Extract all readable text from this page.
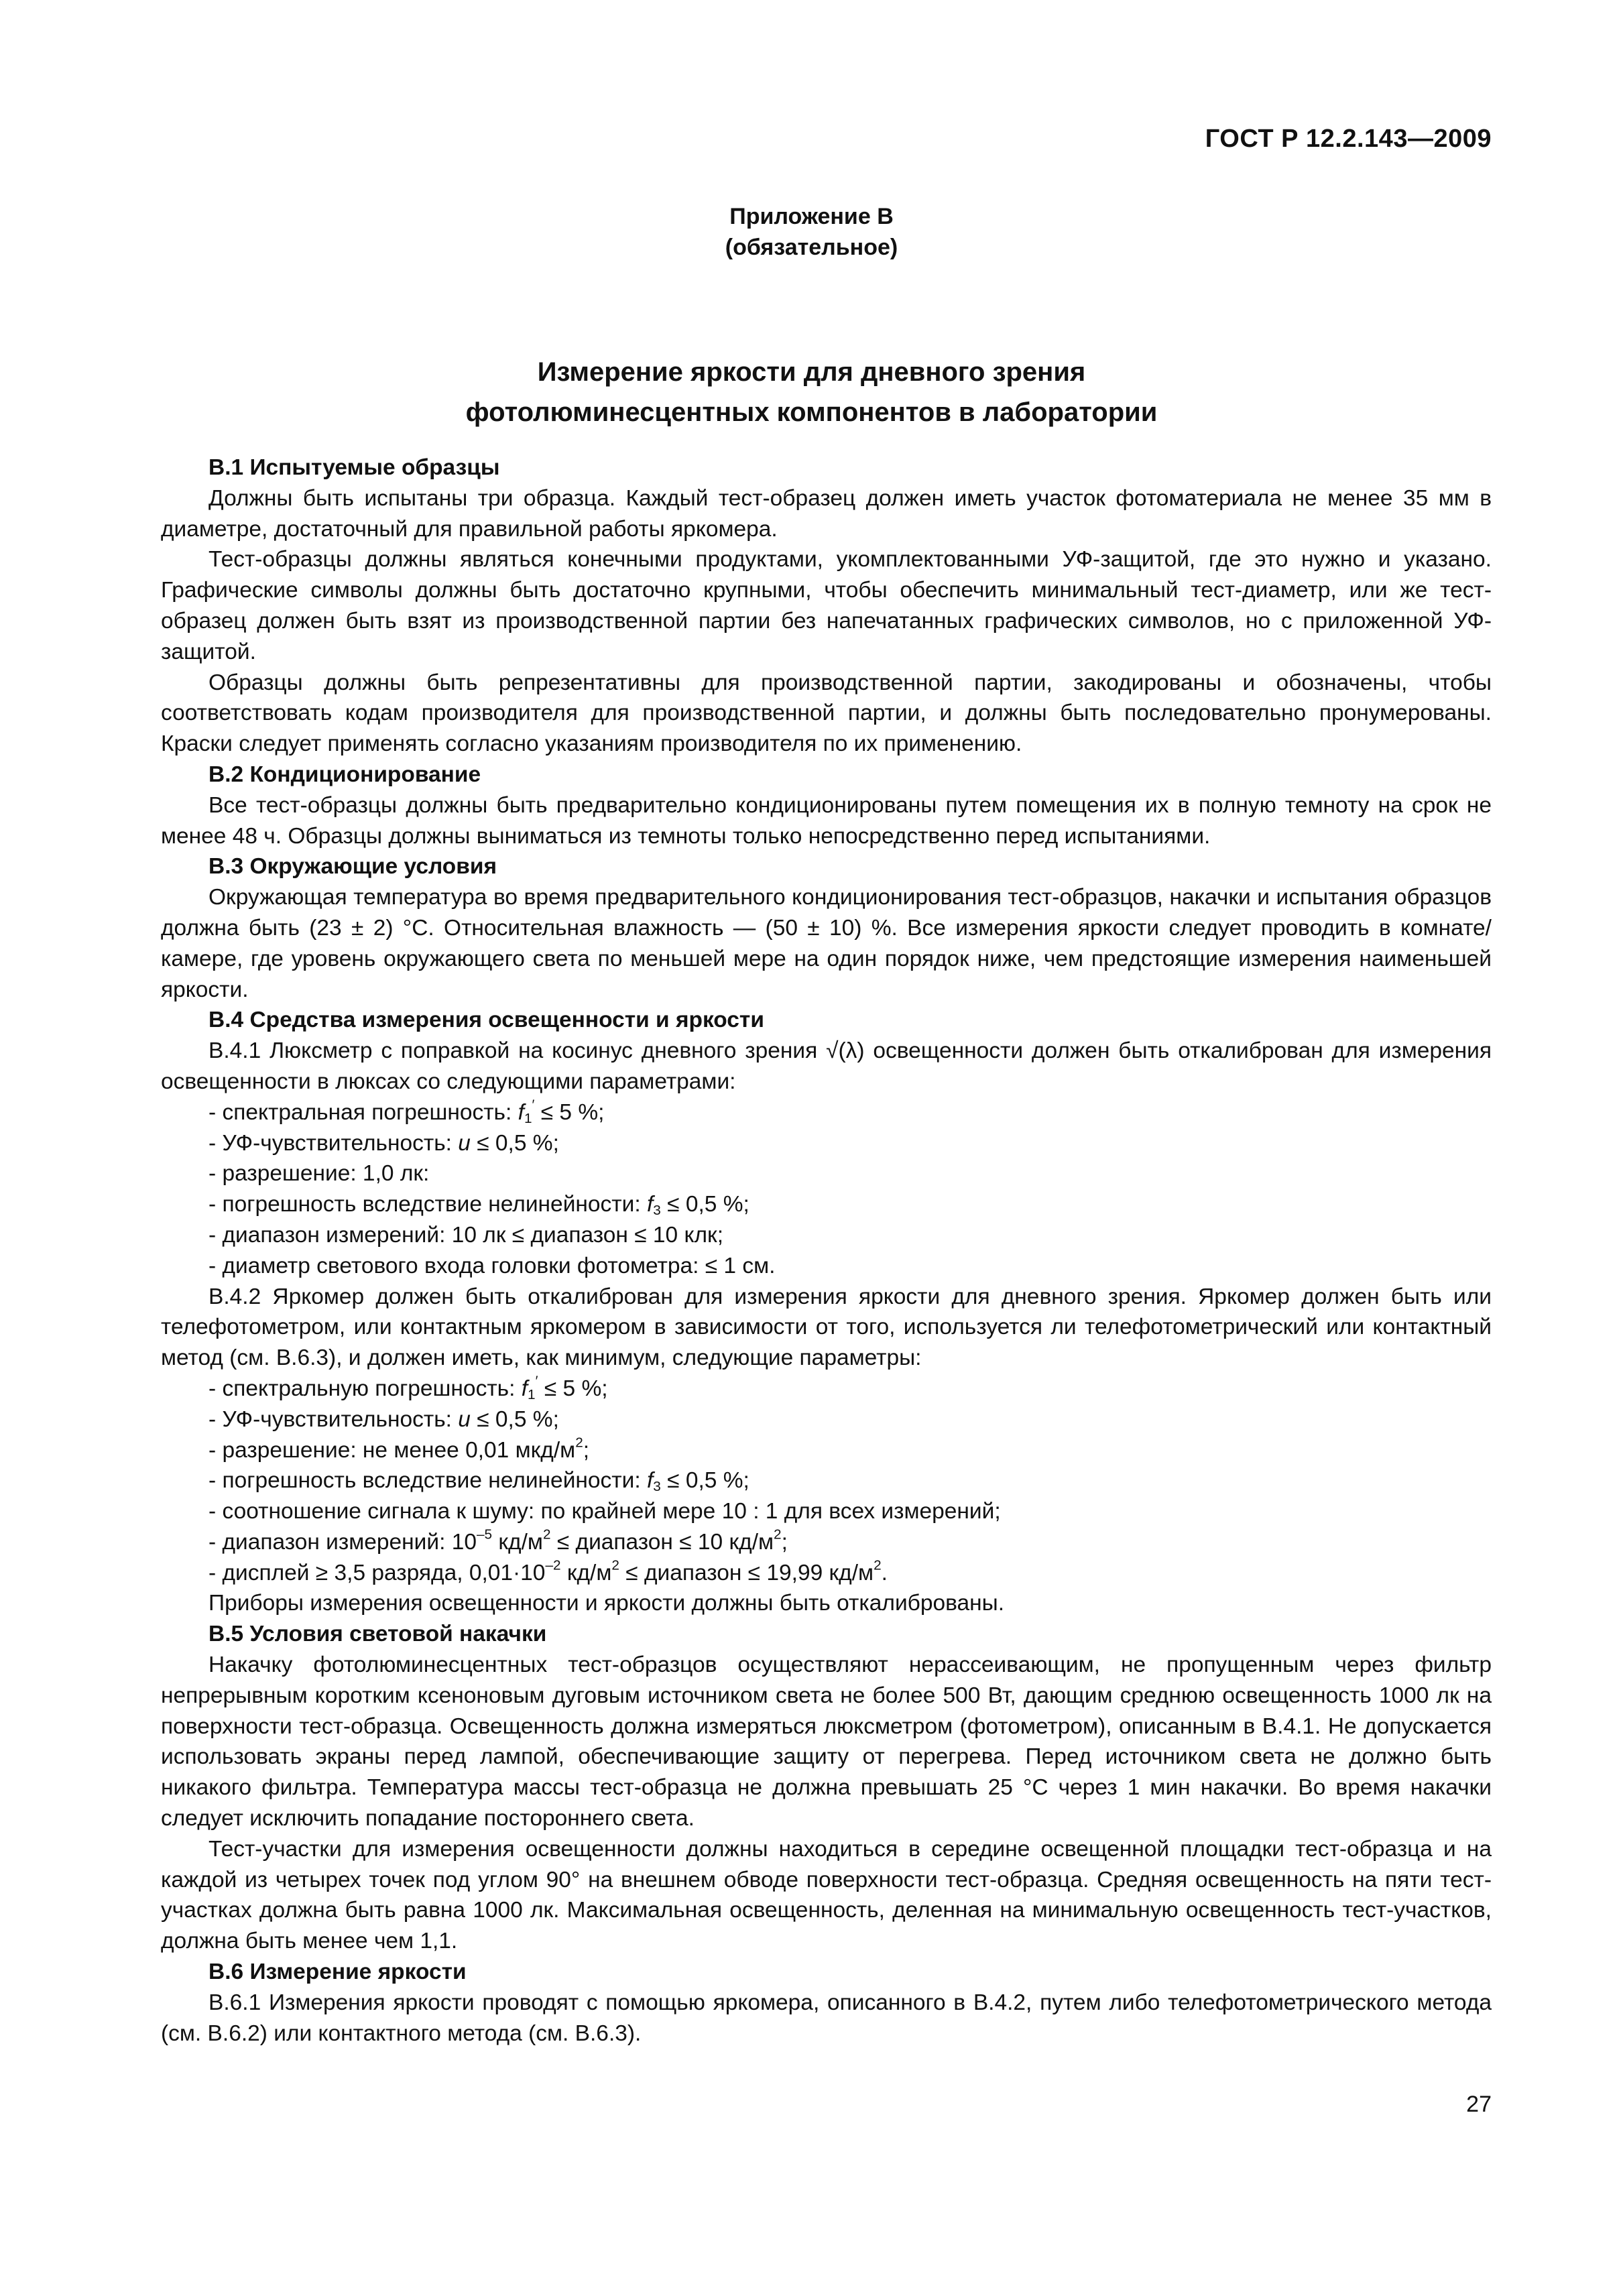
ГОСТ Р 12.2.143—2009
Приложение В
(обязательное)
Измерение яркости для дневного зрения
фотолюминесцентных компонентов в лаборатории

В.1 Испытуемые образцы

Должны быть испытаны три образца. Каждый тест-образец должен иметь участок фотоматериала не менее 35 мм в диаметре, достаточный для правильной работы яркомера.

Тест-образцы должны являться конечными продуктами, укомплектованными УФ-защитой, где это нужно и указано. Графические символы должны быть достаточно крупными, чтобы обеспечить минимальный тест-диаметр, или же тест-образец должен быть взят из производственной партии без напечатанных графических символов, но с приложенной УФ-защитой.

Образцы должны быть репрезентативны для производственной партии, закодированы и обозначены, чтобы соответствовать кодам производителя для производственной партии, и должны быть последовательно пронумерованы. Краски следует применять согласно указаниям производителя по их применению.

В.2 Кондиционирование

Все тест-образцы должны быть предварительно кондиционированы путем помещения их в полную темноту на срок не менее 48 ч. Образцы должны выниматься из темноты только непосредственно перед испытаниями.

В.3 Окружающие условия

Окружающая температура во время предварительного кондиционирования тест-образцов, накачки и испытания образцов должна быть (23 ± 2) °С. Относительная влажность — (50 ± 10) %. Все измерения яркости следует проводить в комнате/камере, где уровень окружающего света по меньшей мере на один порядок ниже, чем предстоящие измерения наименьшей яркости.

В.4 Средства измерения освещенности и яркости

В.4.1 Люксметр с поправкой на косинус дневного зрения √(λ) освещенности должен быть откалиброван для измерения освещенности в люксах со следующими параметрами:

- спектральная погрешность: $f_1' \le 5$ %;

- УФ-чувствительность: u ≤ 0,5 %;

- разрешение: 1,0 лк:

- погрешность вследствие нелинейности: $f_3 \le 0,5$ %;

- диапазон измерений: 10 лк ≤ диапазон ≤ 10 клк;

- диаметр светового входа головки фотометра: ≤ 1 см.

В.4.2 Яркомер должен быть откалиброван для измерения яркости для дневного зрения. Яркомер должен быть или телефотометром, или контактным яркомером в зависимости от того, используется ли телефотометрический или контактный метод (см. В.6.3), и должен иметь, как минимум, следующие параметры:

- спектральную погрешность: $f_1' \le 5$ %;

- УФ-чувствительность: u ≤ 0,5 %;

- разрешение: не менее 0,01 мкд/$м^2$;

- погрешность вследствие нелинейности: $f_3 \le 0,5$ %;

- соотношение сигнала к шуму: по крайней мере 10 : 1 для всех измерений;

- диапазон измерений: $10^{-5}$ $кд/м^2$ ≤ диапазон ≤ 10 $кд/м^2$;

- дисплей ≥ 3,5 разряда, $0,01\cdot 10^{-2}$ $кд/м^2$ ≤ диапазон ≤ 19,99 $кд/м^2$.

Приборы измерения освещенности и яркости должны быть откалиброваны.

В.5 Условия световой накачки

Накачку фотолюминесцентных тест-образцов осуществляют нерассеивающим, не пропущенным через фильтр непрерывным коротким ксеноновым дуговым источником света не более 500 Вт, дающим среднюю освещенность 1000 лк на поверхности тест-образца. Освещенность должна измеряться люксметром (фотометром), описанным в В.4.1. Не допускается использовать экраны перед лампой, обеспечивающие защиту от перегрева. Перед источником света не должно быть никакого фильтра. Температура массы тест-образца не должна превышать 25 °С через 1 мин накачки. Во время накачки следует исключить попадание постороннего света.

Тест-участки для измерения освещенности должны находиться в середине освещенной площадки тест-образца и на каждой из четырех точек под углом 90° на внешнем обводе поверхности тест-образца. Средняя освещенность на пяти тест-участках должна быть равна 1000 лк. Максимальная освещенность, деленная на минимальную освещенность тест-участков, должна быть менее чем 1,1.

В.6 Измерение яркости

В.6.1 Измерения яркости проводят с помощью яркомера, описанного в В.4.2, путем либо телефотометрического метода (см. В.6.2) или контактного метода (см. В.6.3).

27
